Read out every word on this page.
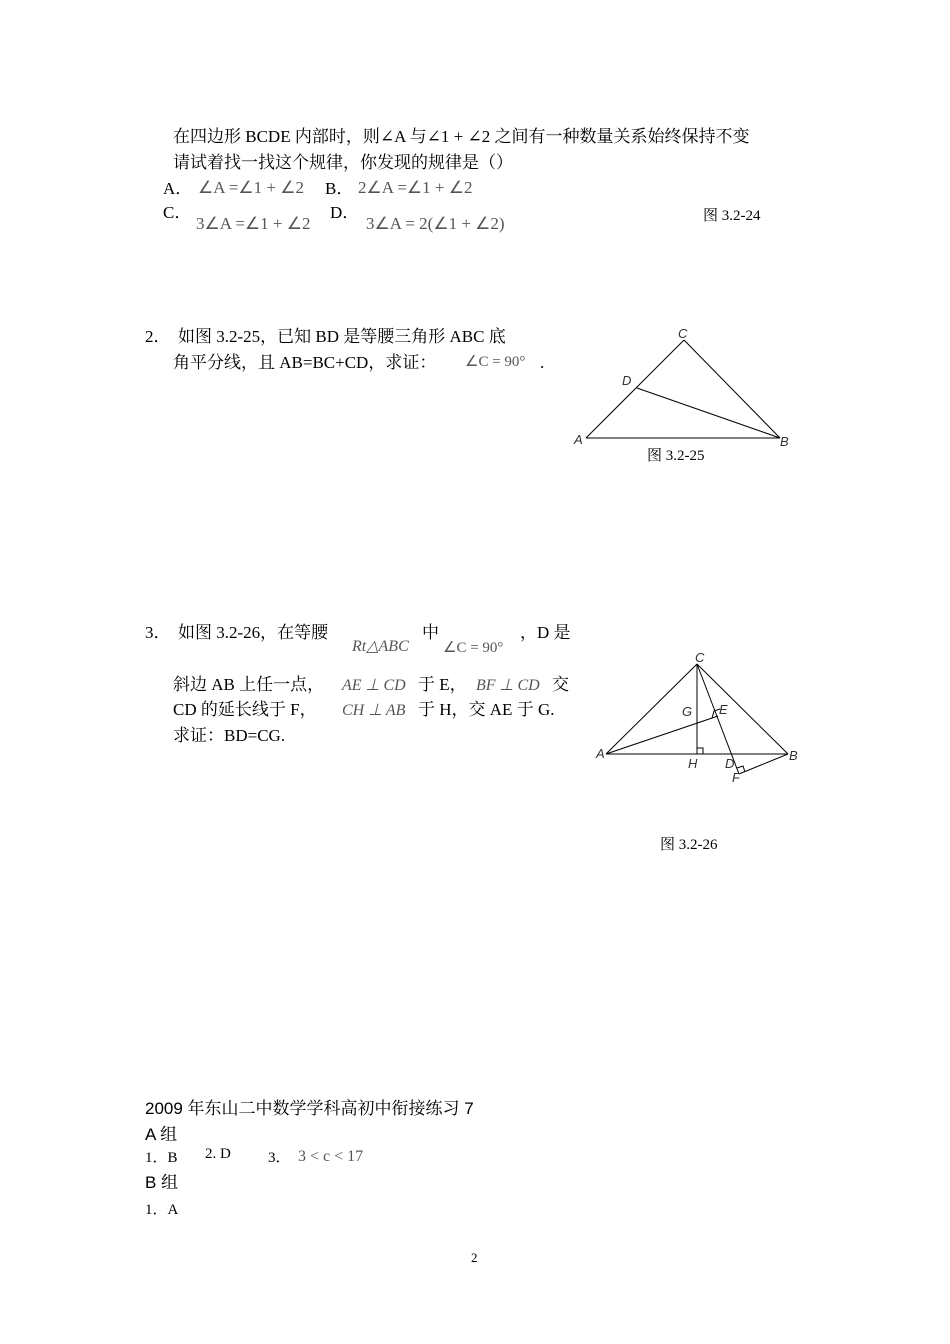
在四边形 BCDE 内部时，则∠A 与∠1 + ∠2 之间有一种数量关系始终保持不变
请试着找一找这个规律，你发现的规律是（）
A． ∠A =∠1 + ∠2 B． 2∠A =∠1 + ∠2
C．
3∠A =∠1 + ∠2
D．
3∠A = 2(∠1 + ∠2)	图 3.2-24
2． 如图 3.2-25，已知 BD 是等腰三角形 ABC 底
角平分线，且 AB=BC+CD，求证： ∠C = 90° .
C
D
A	B
图 3.2-25
3． 如图 3.2-26，在等腰
Rt△ABC
中
∠C = 90°
，D 是
斜边 AB 上任一点， AE ⊥ CD 于 E， BF ⊥ CD 交
CD 的延长线于 F， CH ⊥ AB 于 H，交 AE 于 G.
求证：BD=CG.
C
G E
A	B
H D
F
图 3.2-26
2009 年东山二中数学学科高初中衔接练习 7
A 组
1．B 2. D 3． 3 < c < 17
B 组
1．A
2
